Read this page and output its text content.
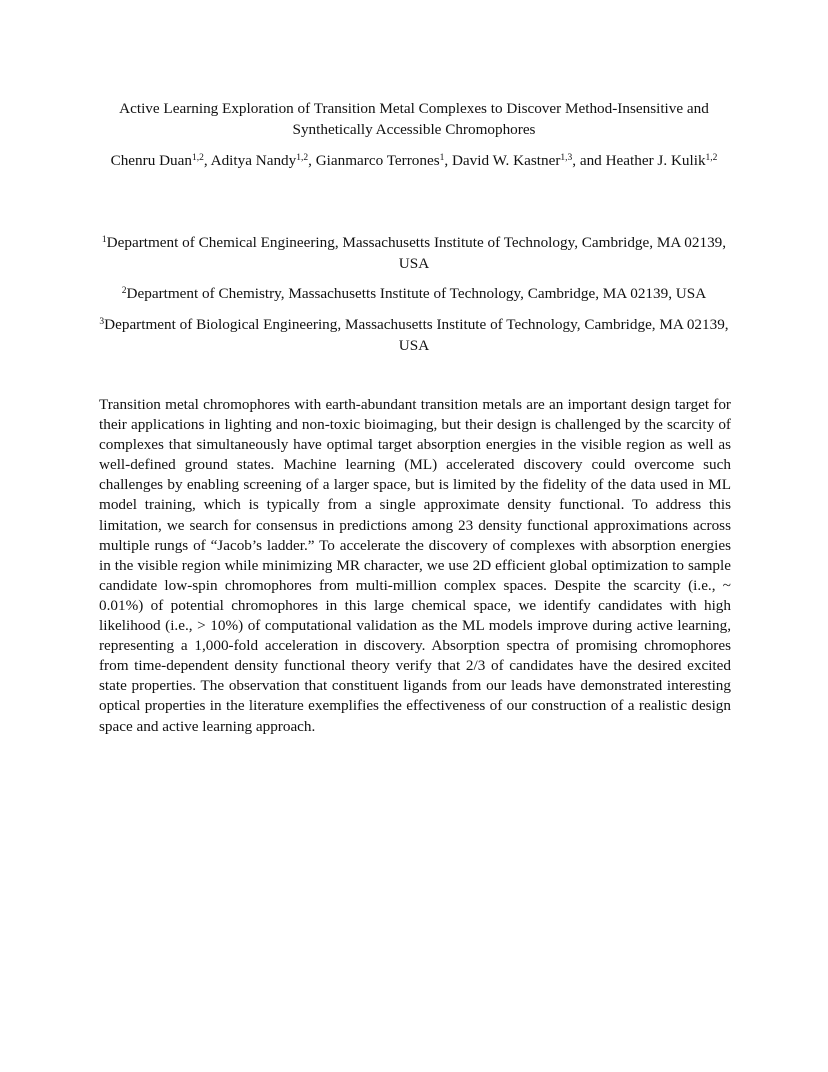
Active Learning Exploration of Transition Metal Complexes to Discover Method-Insensitive and Synthetically Accessible Chromophores
Chenru Duan$^{1,2}$, Aditya Nandy$^{1,2}$, Gianmarco Terrones$^1$, David W. Kastner$^{1,3}$, and Heather J. Kulik$^{1,2}$
$^1$Department of Chemical Engineering, Massachusetts Institute of Technology, Cambridge, MA 02139, USA
$^2$Department of Chemistry, Massachusetts Institute of Technology, Cambridge, MA 02139, USA
$^3$Department of Biological Engineering, Massachusetts Institute of Technology, Cambridge, MA 02139, USA

Transition metal chromophores with earth-abundant transition metals are an important design target for their applications in lighting and non-toxic bioimaging, but their design is challenged by the scarcity of complexes that simultaneously have optimal target absorption energies in the visible region as well as well-defined ground states. Machine learning (ML) accelerated discovery could overcome such challenges by enabling screening of a larger space, but is limited by the fidelity of the data used in ML model training, which is typically from a single approximate density functional. To address this limitation, we search for consensus in predictions among 23 density functional approximations across multiple rungs of “Jacob’s ladder.” To accelerate the discovery of complexes with absorption energies in the visible region while minimizing MR character, we use 2D efficient global optimization to sample candidate low-spin chromophores from multi-million complex spaces. Despite the scarcity (i.e., ~ 0.01%) of potential chromophores in this large chemical space, we identify candidates with high likelihood (i.e., > 10%) of computational validation as the ML models improve during active learning, representing a 1,000-fold acceleration in discovery. Absorption spectra of promising chromophores from time-dependent density functional theory verify that 2/3 of candidates have the desired excited state properties. The observation that constituent ligands from our leads have demonstrated interesting optical properties in the literature exemplifies the effectiveness of our construction of a realistic design space and active learning approach.
